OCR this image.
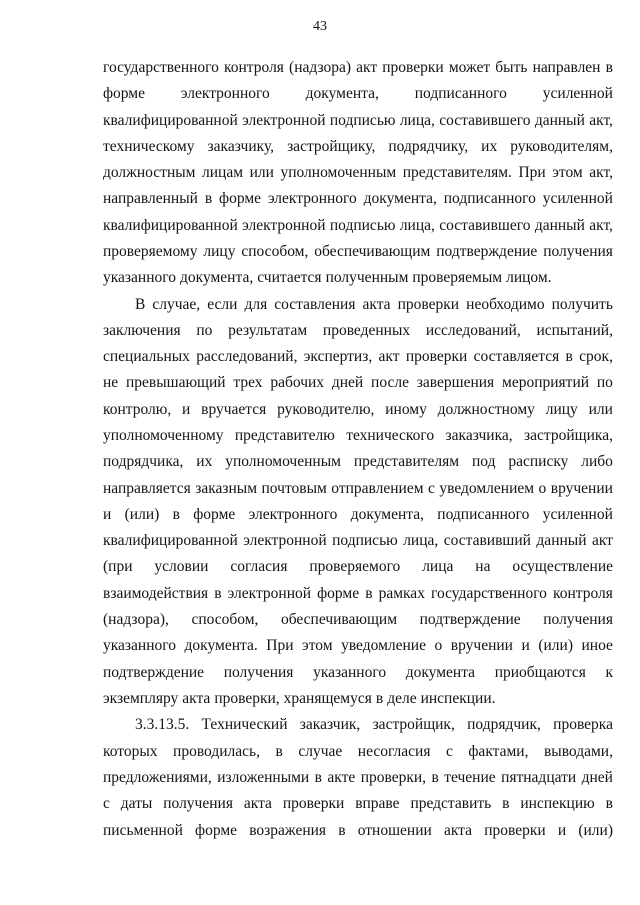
43
государственного контроля (надзора) акт проверки может быть направлен в
форме электронного документа, подписанного усиленной
квалифицированной электронной подписью лица, составившего данный акт,
техническому заказчику, застройщику, подрядчику, их руководителям,
должностным лицам или уполномоченным представителям. При этом акт,
направленный в форме электронного документа, подписанного усиленной
квалифицированной электронной подписью лица, составившего данный акт,
проверяемому лицу способом, обеспечивающим подтверждение получения
указанного документа, считается полученным проверяемым лицом.
В случае, если для составления акта проверки необходимо получить
заключения по результатам проведенных исследований, испытаний,
специальных расследований, экспертиз, акт проверки составляется в срок,
не превышающий трех рабочих дней после завершения мероприятий по
контролю, и вручается руководителю, иному должностному лицу или
уполномоченному представителю технического заказчика, застройщика,
подрядчика, их уполномоченным представителям под расписку либо
направляется заказным почтовым отправлением с уведомлением о вручении
и (или) в форме электронного документа, подписанного усиленной
квалифицированной электронной подписью лица, составивший данный акт
(при условии согласия проверяемого лица на осуществление
взаимодействия в электронной форме в рамках государственного контроля
(надзора), способом, обеспечивающим подтверждение получения
указанного документа. При этом уведомление о вручении и (или) иное
подтверждение получения указанного документа приобщаются к
экземпляру акта проверки, хранящемуся в деле инспекции.
3.3.13.5. Технический заказчик, застройщик, подрядчик, проверка
которых проводилась, в случае несогласия с фактами, выводами,
предложениями, изложенными в акте проверки, в течение пятнадцати дней
с даты получения акта проверки вправе представить в инспекцию в
письменной форме возражения в отношении акта проверки и (или)
